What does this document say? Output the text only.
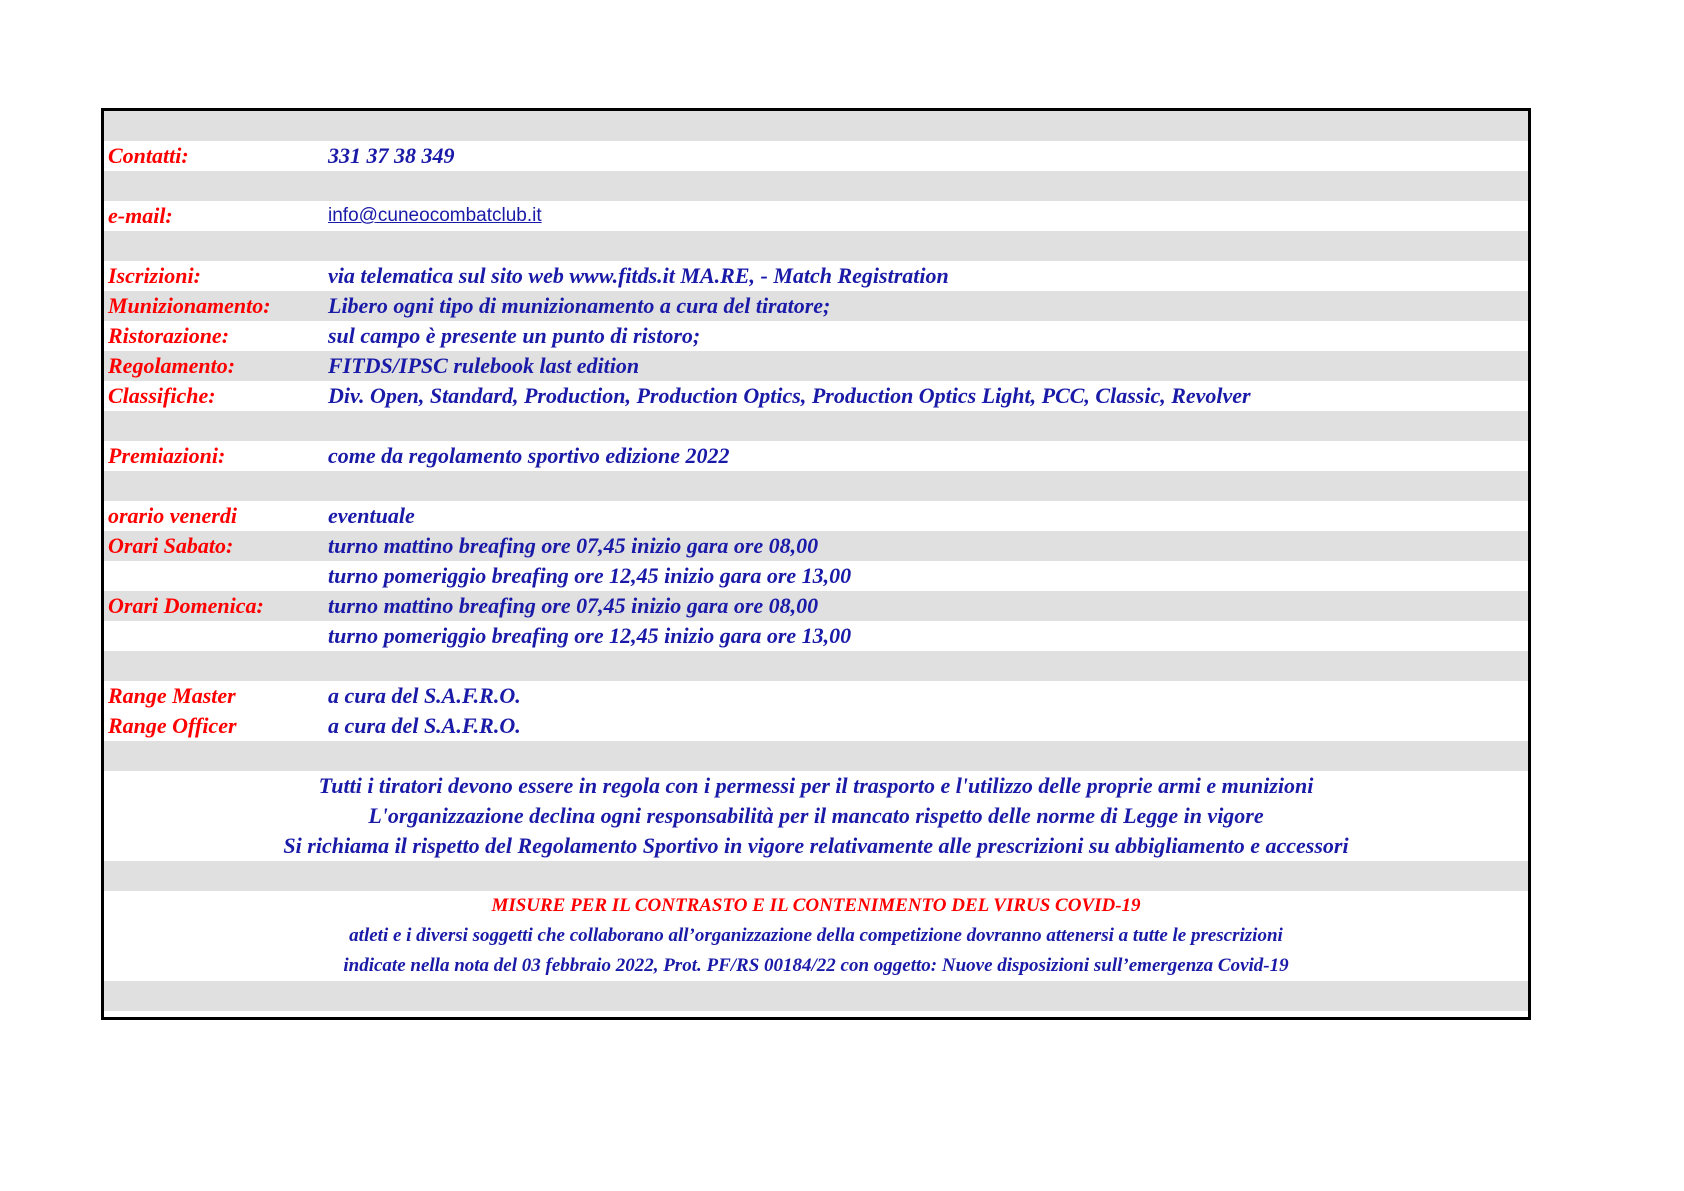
Contatti:	331 37 38 349
e-mail:	info@cuneocombatclub.it
Iscrizioni:	via telematica sul sito web www.fitds.it MA.RE, - Match Registration
Munizionamento:	Libero ogni tipo di munizionamento a cura del tiratore;
Ristorazione:	sul campo è presente un punto di ristoro;
Regolamento:	FITDS/IPSC rulebook last edition
Classifiche:	Div. Open, Standard, Production, Production Optics, Production Optics Light, PCC, Classic, Revolver
Premiazioni:	come da regolamento sportivo edizione 2022
orario venerdi	eventuale
Orari Sabato:	turno mattino breafing ore 07,45 inizio gara ore 08,00
turno pomeriggio breafing ore 12,45 inizio gara ore 13,00
Orari Domenica:	turno mattino breafing ore 07,45 inizio gara ore 08,00
turno pomeriggio breafing ore 12,45 inizio gara ore 13,00
Range Master	a cura del S.A.F.R.O.
Range Officer	a cura del S.A.F.R.O.
Tutti i tiratori devono essere in regola con i permessi per il trasporto e l'utilizzo delle proprie armi e munizioni
L'organizzazione declina ogni responsabilità per il mancato rispetto delle norme di Legge in vigore
Si richiama il rispetto del Regolamento Sportivo in vigore relativamente alle prescrizioni su abbigliamento e accessori
MISURE PER IL CONTRASTO E IL CONTENIMENTO DEL VIRUS COVID-19
atleti e i diversi soggetti che collaborano all’organizzazione della competizione dovranno attenersi a tutte le prescrizioni
indicate nella nota del 03 febbraio 2022, Prot. PF/RS 00184/22 con oggetto: Nuove disposizioni sull’emergenza Covid-19
